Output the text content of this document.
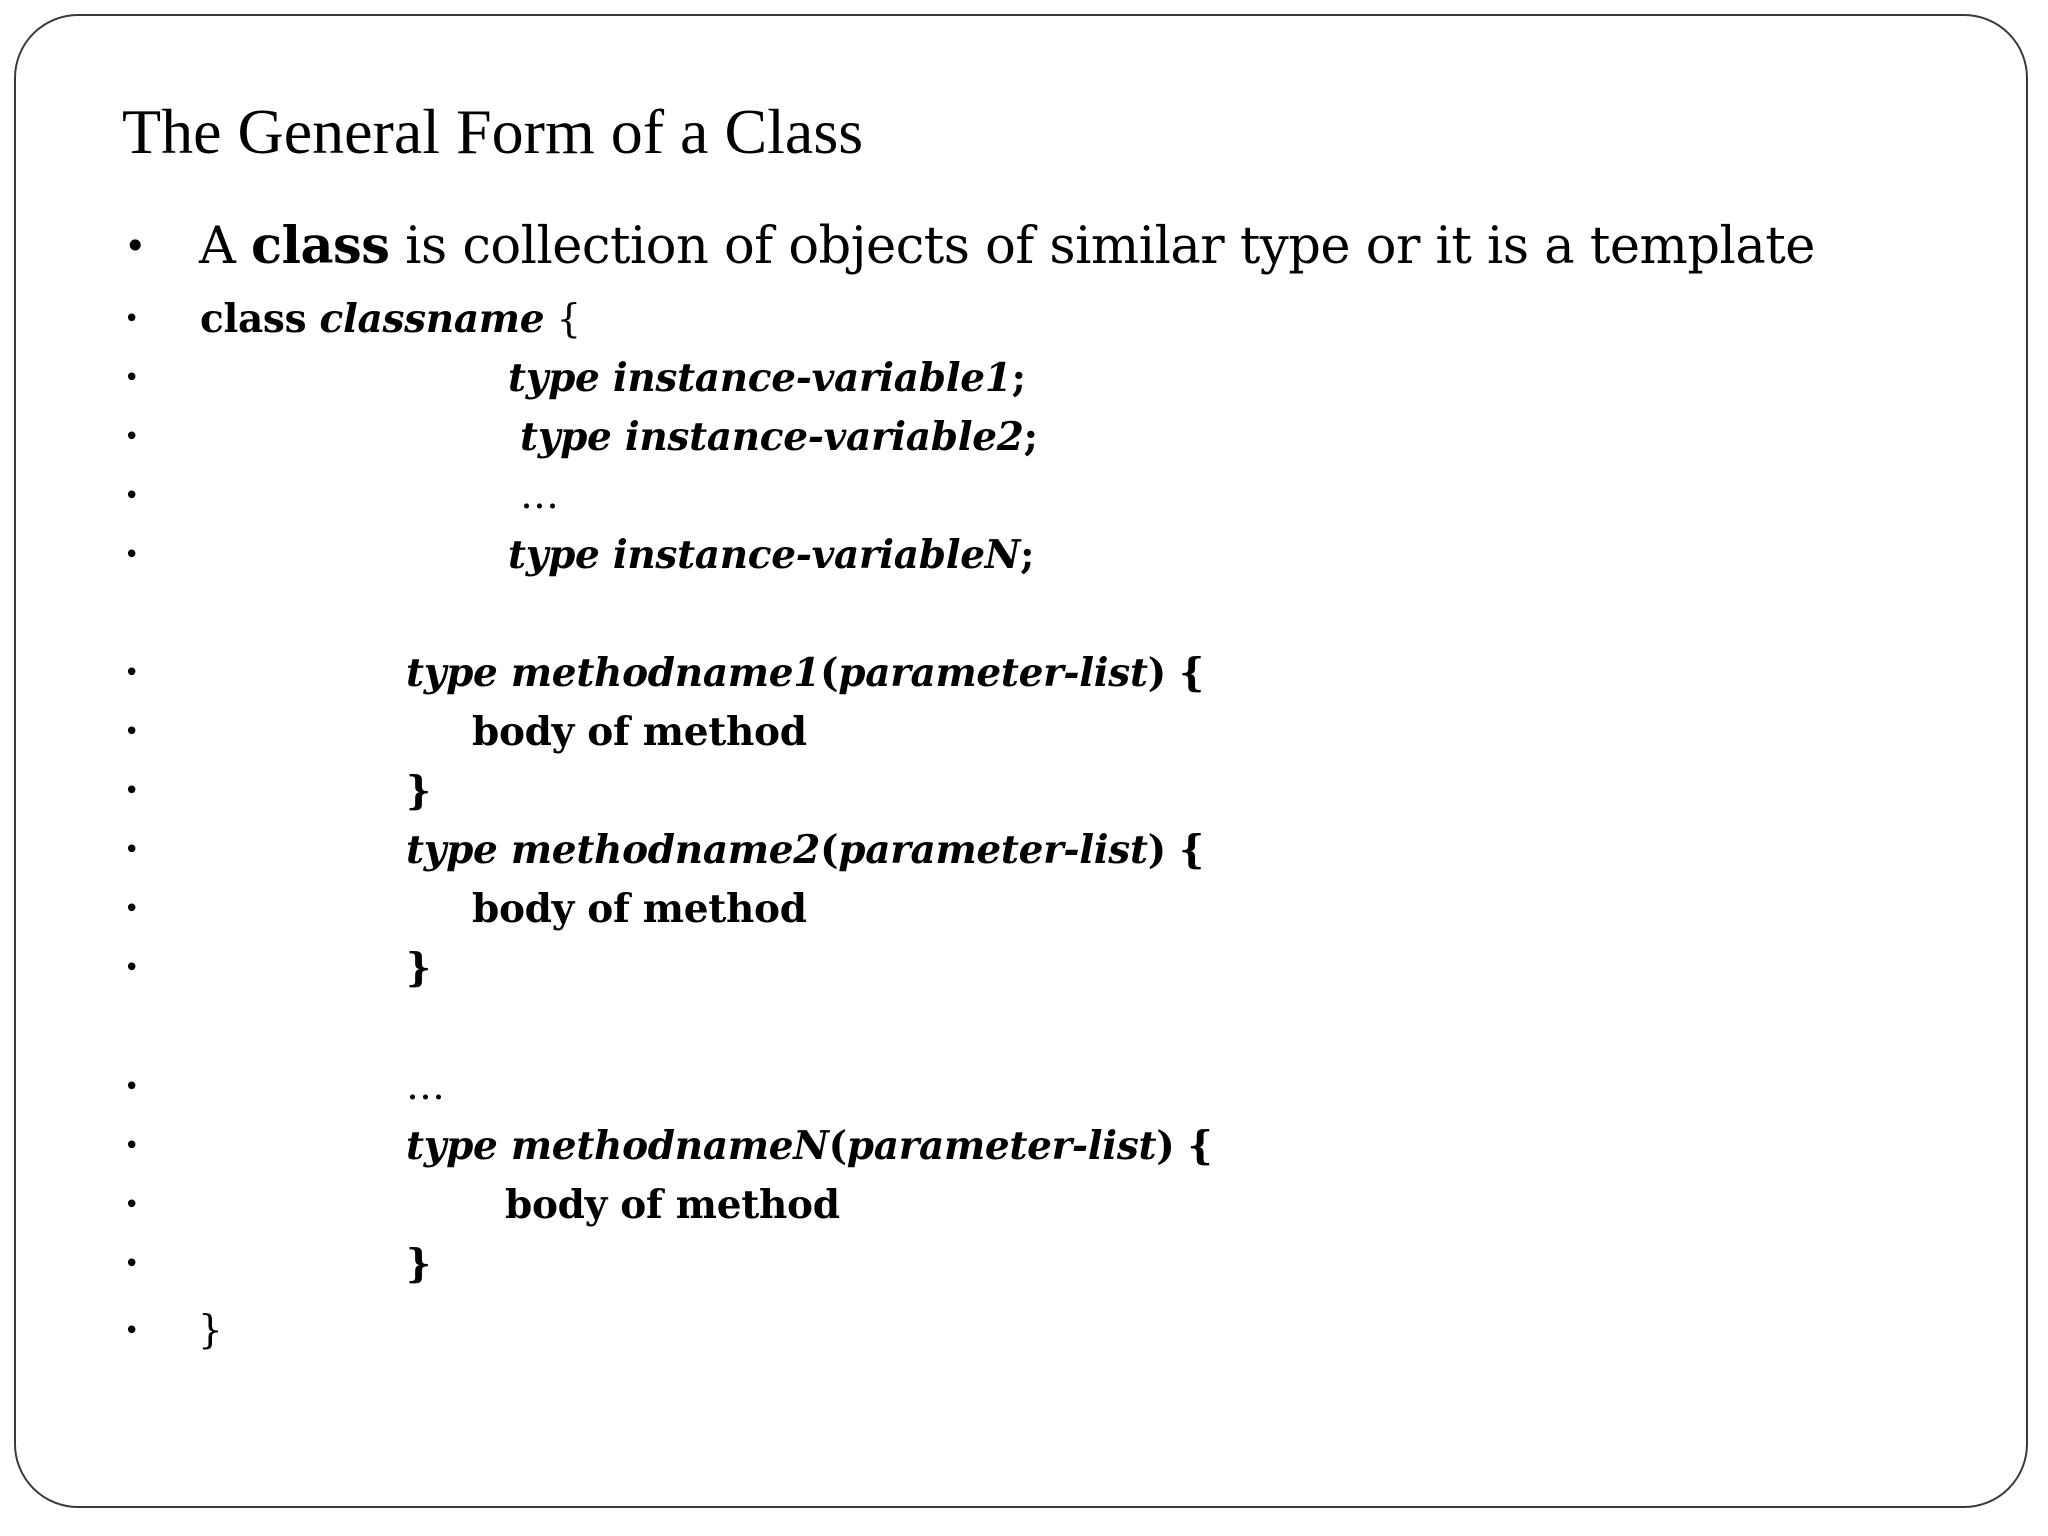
The General Form of a Class
• A class is collection of objects of similar type or it is a template
• class classname {
•	type instance-variable1;
•	type instance-variable2;
•	…
•	type instance-variableN;
•	type methodname1(parameter-list) {
•	body of method
•	}
•	type methodname2(parameter-list) {
•	body of method
•	}
•	…
•	type methodnameN(parameter-list) {
•	body of method
•	}
• }
